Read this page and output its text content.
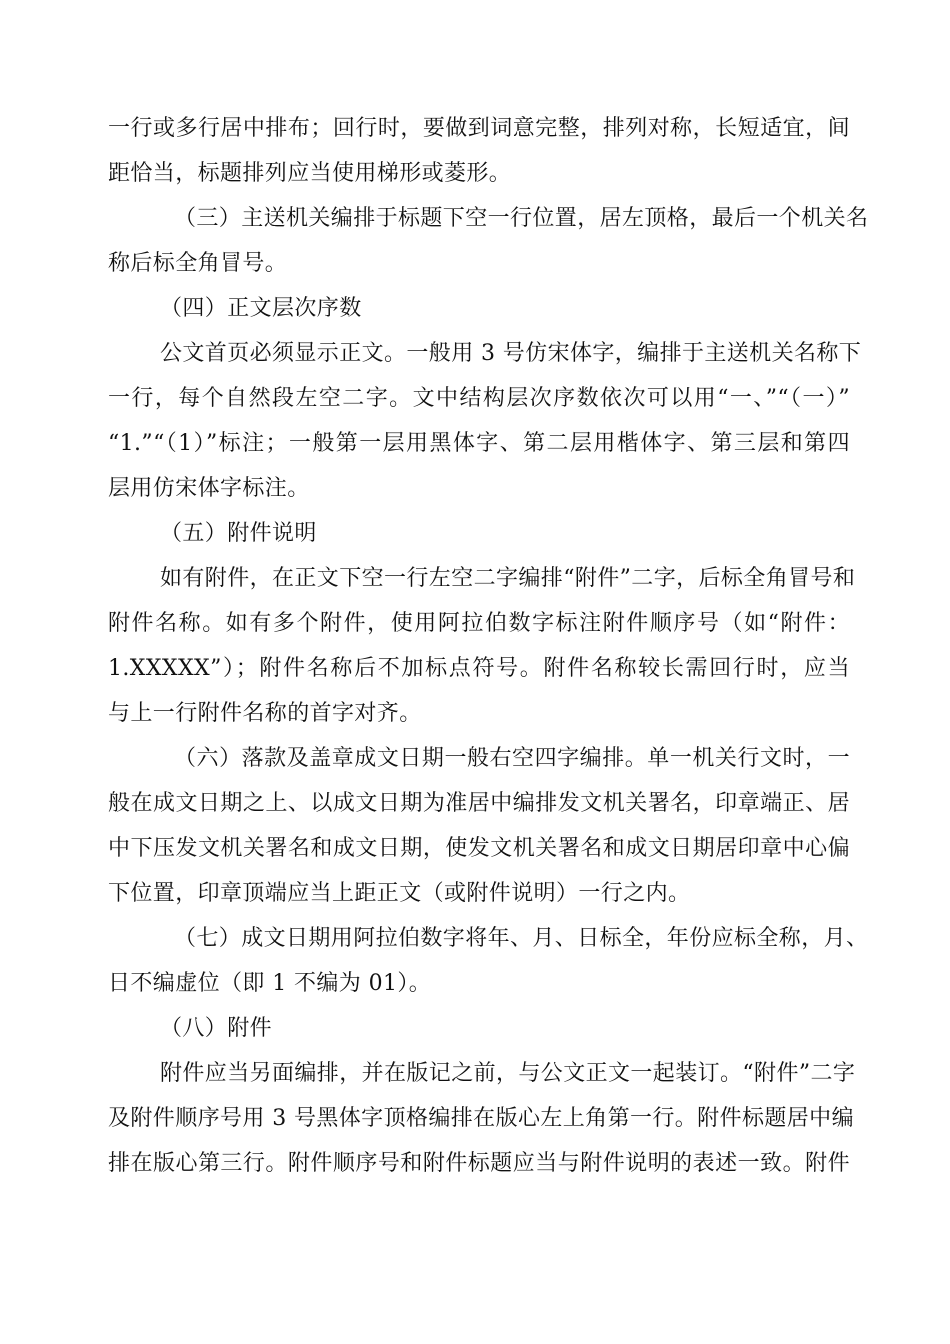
一行或多行居中排布；回行时，要做到词意完整，排列对称，长短适宜，间
距恰当，标题排列应当使用梯形或菱形。
（三）主送机关编排于标题下空一行位置，居左顶格，最后一个机关名
称后标全角冒号。
（四）正文层次序数
公文首页必须显示正文。一般用 3 号仿宋体字，编排于主送机关名称下
一行，每个自然段左空二字。文中结构层次序数依次可以用“一、”“（一）”
“1.”“（1）”标注；一般第一层用黑体字、第二层用楷体字、第三层和第四
层用仿宋体字标注。
（五）附件说明
如有附件，在正文下空一行左空二字编排“附件”二字，后标全角冒号和
附件名称。如有多个附件，使用阿拉伯数字标注附件顺序号（如“附件：
1.XXXXX”）；附件名称后不加标点符号。附件名称较长需回行时，应当
与上一行附件名称的首字对齐。
（六）落款及盖章成文日期一般右空四字编排。单一机关行文时，一
般在成文日期之上、以成文日期为准居中编排发文机关署名，印章端正、居
中下压发文机关署名和成文日期，使发文机关署名和成文日期居印章中心偏
下位置，印章顶端应当上距正文（或附件说明）一行之内。
（七）成文日期用阿拉伯数字将年、月、日标全，年份应标全称，月、
日不编虚位（即 1 不编为 01）。
（八）附件
附件应当另面编排，并在版记之前，与公文正文一起装订。“附件”二字
及附件顺序号用 3 号黑体字顶格编排在版心左上角第一行。附件标题居中编
排在版心第三行。附件顺序号和附件标题应当与附件说明的表述一致。附件
